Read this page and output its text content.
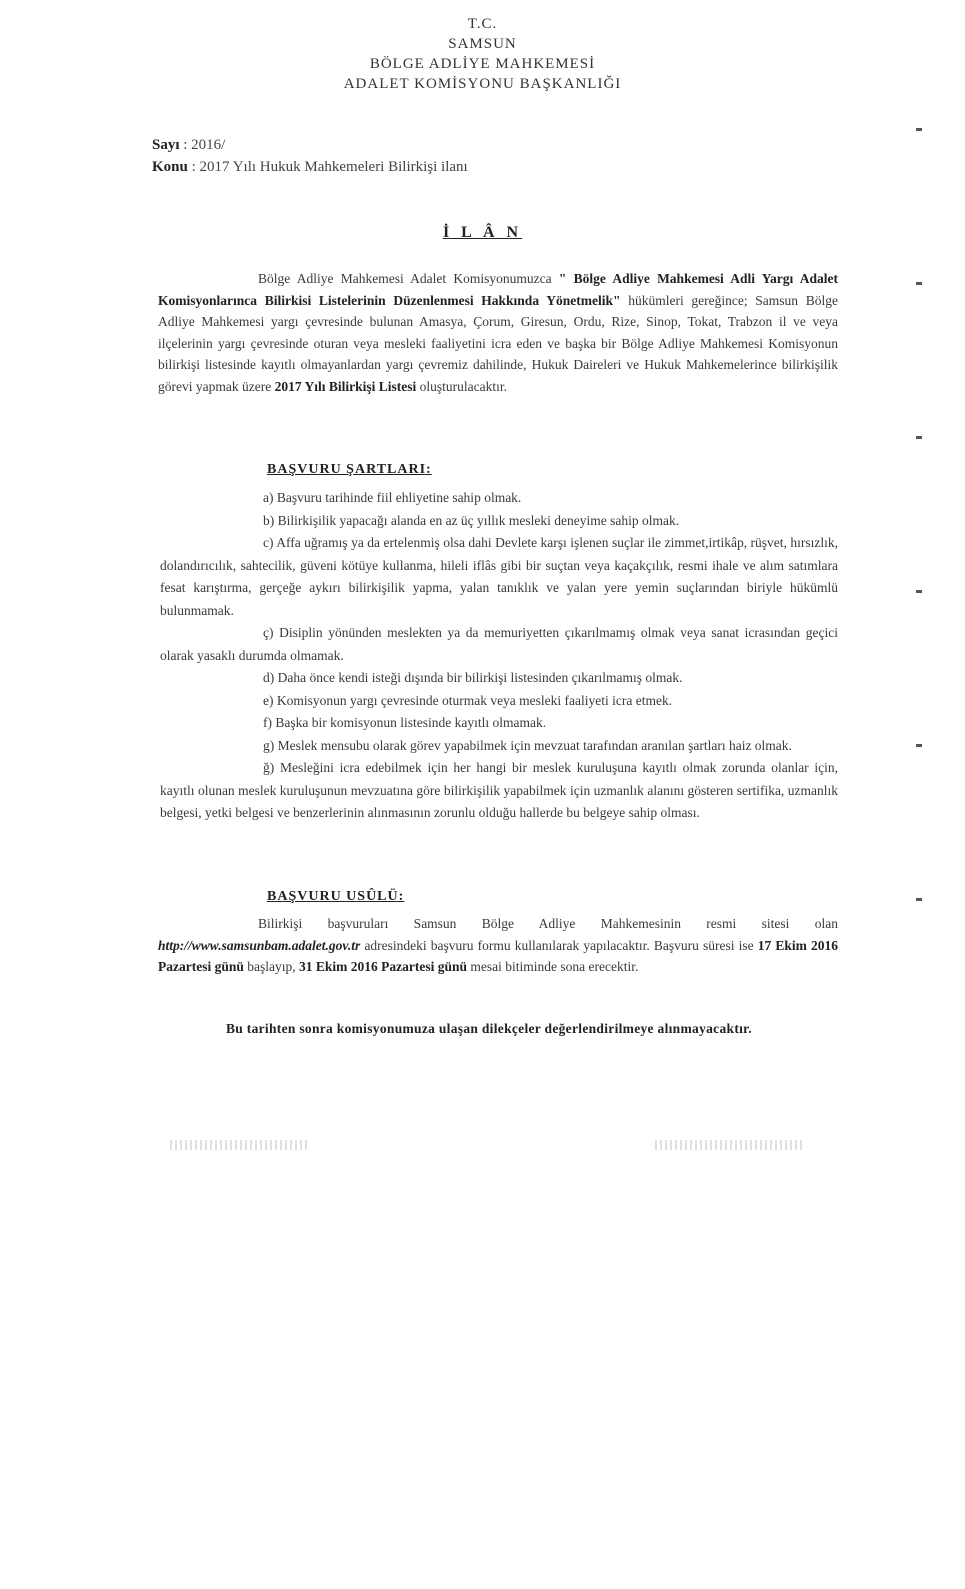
T.C.
SAMSUN
BÖLGE ADLİYE MAHKEMESİ
ADALET KOMİSYONU BAŞKANLIĞI
Sayı : 2016/
Konu : 2017 Yılı Hukuk Mahkemeleri Bilirkişi ilanı
İ L Â N
Bölge Adliye Mahkemesi Adalet Komisyonumuzca " Bölge Adliye Mahkemesi Adli Yargı Adalet Komisyonlarınca Bilirkisi Listelerinin Düzenlenmesi Hakkında Yönetmelik" hükümleri gereğince; Samsun Bölge Adliye Mahkemesi yargı çevresinde bulunan Amasya, Çorum, Giresun, Ordu, Rize, Sinop, Tokat, Trabzon il ve veya ilçelerinin yargı çevresinde oturan veya mesleki faaliyetini icra eden ve başka bir Bölge Adliye Mahkemesi Komisyonun bilirkişi listesinde kayıtlı olmayanlardan yargı çevremiz dahilinde, Hukuk Daireleri ve Hukuk Mahkemelerince bilirkişilik görevi yapmak üzere 2017 Yılı Bilirkişi Listesi oluşturulacaktır.
BAŞVURU ŞARTLARI:

a) Başvuru tarihinde fiil ehliyetine sahip olmak.

b) Bilirkişilik yapacağı alanda en az üç yıllık mesleki deneyime sahip olmak.

c) Affa uğramış ya da ertelenmiş olsa dahi Devlete karşı işlenen suçlar ile zimmet,irtikâp, rüşvet, hırsızlık, dolandırıcılık, sahtecilik, güveni kötüye kullanma, hileli iflâs gibi bir suçtan veya kaçakçılık, resmi ihale ve alım satımlara fesat karıştırma, gerçeğe aykırı bilirkişilik yapma, yalan tanıklık ve yalan yere yemin suçlarından biriyle hükümlü bulunmamak.

ç) Disiplin yönünden meslekten ya da memuriyetten çıkarılmamış olmak veya sanat icrasından geçici olarak yasaklı durumda olmamak.

d) Daha önce kendi isteği dışında bir bilirkişi listesinden çıkarılmamış olmak.

e) Komisyonun yargı çevresinde oturmak veya mesleki faaliyeti icra etmek.

f) Başka bir komisyonun listesinde kayıtlı olmamak.

g) Meslek mensubu olarak görev yapabilmek için mevzuat tarafından aranılan şartları haiz olmak.

ğ) Mesleğini icra edebilmek için her hangi bir meslek kuruluşuna kayıtlı olmak zorunda olanlar için, kayıtlı olunan meslek kuruluşunun mevzuatına göre bilirkişilik yapabilmek için uzmanlık alanını gösteren sertifika, uzmanlık belgesi, yetki belgesi ve benzerlerinin alınmasının zorunlu olduğu hallerde bu belgeye sahip olması.

BAŞVURU USÛLÜ:
Bilirkişi başvuruları Samsun Bölge Adliye Mahkemesinin resmi sitesi olan http://www.samsunbam.adalet.gov.tr adresindeki başvuru formu kullanılarak yapılacaktır. Başvuru süresi ise 17 Ekim 2016 Pazartesi günü başlayıp, 31 Ekim 2016 Pazartesi günü mesai bitiminde sona erecektir.
Bu tarihten sonra komisyonumuza ulaşan dilekçeler değerlendirilmeye alınmayacaktır.
